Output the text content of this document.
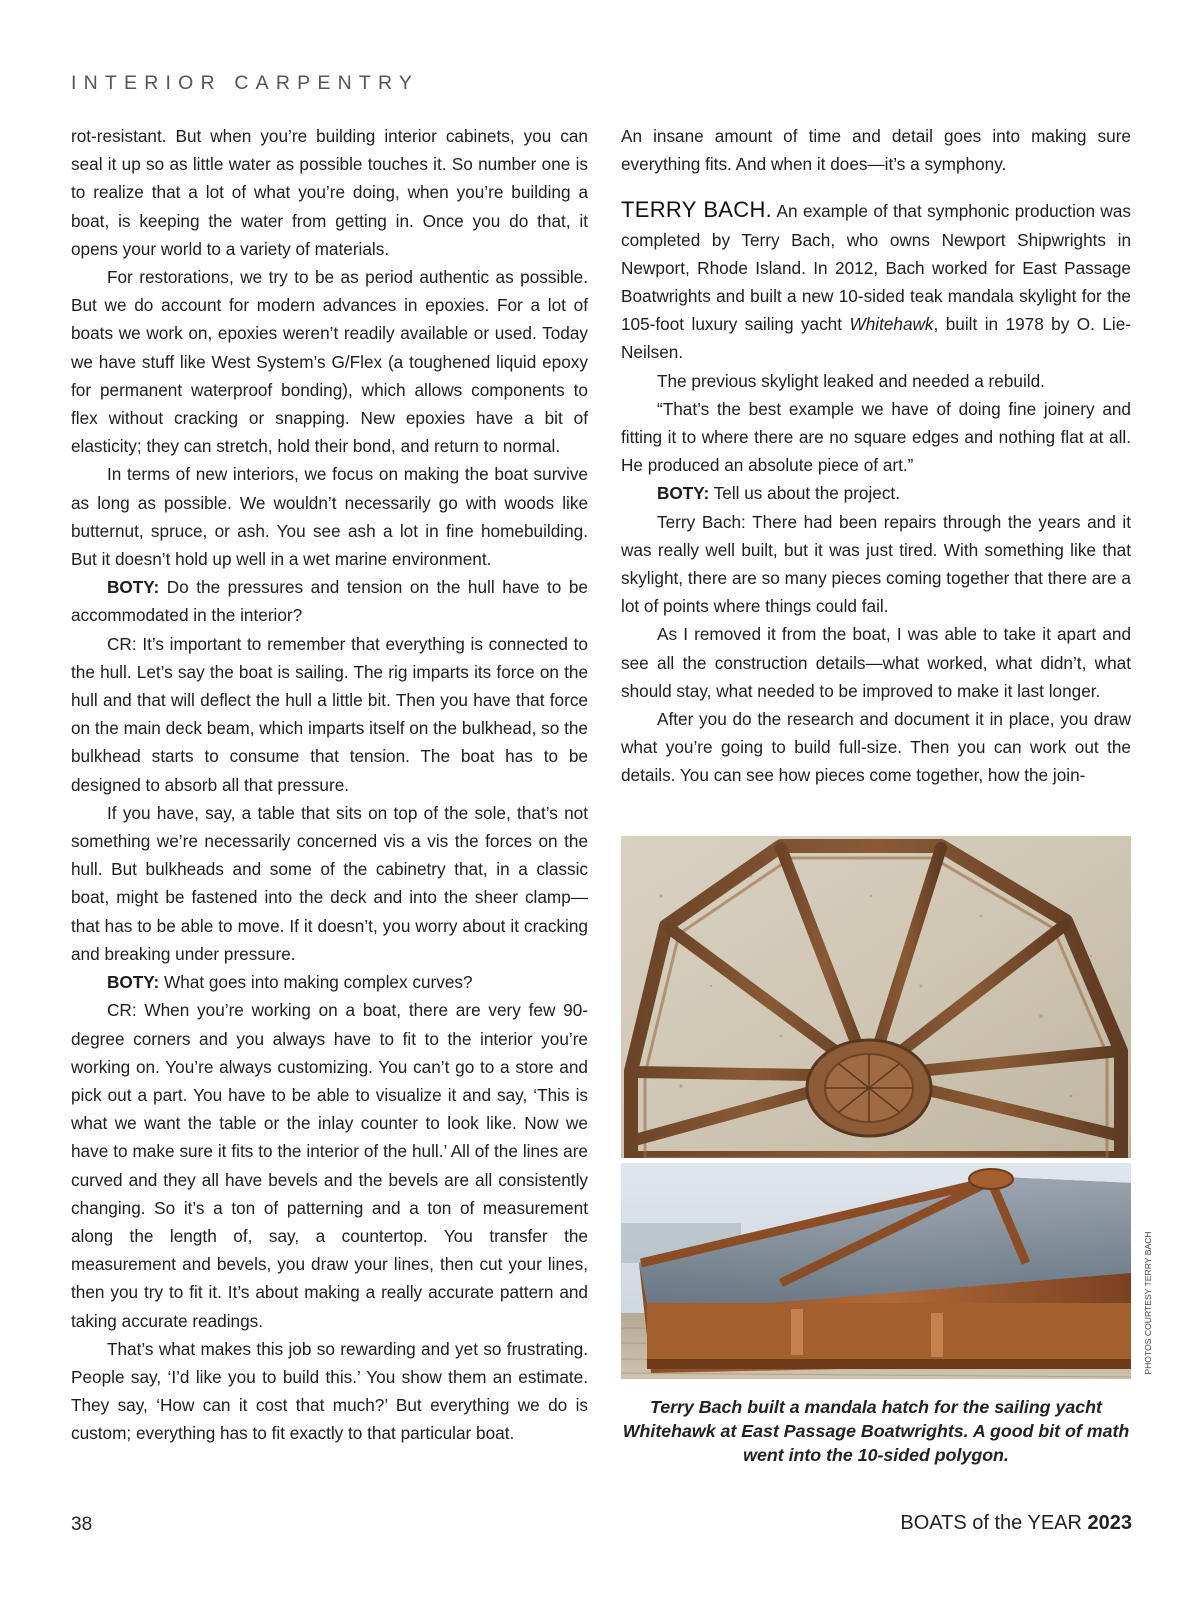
INTERIOR CARPENTRY

rot-resistant. But when you’re building interior cabinets, you can seal it up so as little water as possible touches it. So number one is to realize that a lot of what you’re doing, when you’re building a boat, is keeping the water from getting in. Once you do that, it opens your world to a variety of materials.

For restorations, we try to be as period authentic as possible. But we do account for modern advances in epoxies. For a lot of boats we work on, epoxies weren’t readily available or used. Today we have stuff like West System’s G/Flex (a toughened liquid epoxy for permanent waterproof bonding), which allows components to flex without cracking or snapping. New epoxies have a bit of elasticity; they can stretch, hold their bond, and return to normal.

In terms of new interiors, we focus on making the boat survive as long as possible. We wouldn’t necessarily go with woods like butternut, spruce, or ash. You see ash a lot in fine homebuilding. But it doesn’t hold up well in a wet marine environment.

BOTY: Do the pressures and tension on the hull have to be accommodated in the interior?

CR: It’s important to remember that everything is connected to the hull. Let’s say the boat is sailing. The rig imparts its force on the hull and that will deflect the hull a little bit. Then you have that force on the main deck beam, which imparts itself on the bulkhead, so the bulkhead starts to consume that tension. The boat has to be designed to absorb all that pressure.

If you have, say, a table that sits on top of the sole, that’s not something we’re necessarily concerned vis a vis the forces on the hull. But bulkheads and some of the cabinetry that, in a classic boat, might be fastened into the deck and into the sheer clamp—that has to be able to move. If it doesn’t, you worry about it cracking and breaking under pressure.

BOTY: What goes into making complex curves?

CR: When you’re working on a boat, there are very few 90-degree corners and you always have to fit to the interior you’re working on. You’re always customizing. You can’t go to a store and pick out a part. You have to be able to visualize it and say, ‘This is what we want the table or the inlay counter to look like. Now we have to make sure it fits to the interior of the hull.’ All of the lines are curved and they all have bevels and the bevels are all consistently changing. So it’s a ton of patterning and a ton of measurement along the length of, say, a countertop. You transfer the measurement and bevels, you draw your lines, then cut your lines, then you try to fit it. It’s about making a really accurate pattern and taking accurate readings.

That’s what makes this job so rewarding and yet so frustrating. People say, ‘I’d like you to build this.’ You show them an estimate. They say, ‘How can it cost that much?’ But everything we do is custom; everything has to fit exactly to that particular boat.

An insane amount of time and detail goes into making sure everything fits. And when it does—it’s a symphony.

TERRY BACH. An example of that symphonic production was completed by Terry Bach, who owns Newport Shipwrights in Newport, Rhode Island. In 2012, Bach worked for East Passage Boatwrights and built a new 10-sided teak mandala skylight for the 105-foot luxury sailing yacht Whitehawk, built in 1978 by O. Lie-Neilsen.

The previous skylight leaked and needed a rebuild.

“That’s the best example we have of doing fine joinery and fitting it to where there are no square edges and nothing flat at all. He produced an absolute piece of art.”

BOTY: Tell us about the project.

Terry Bach: There had been repairs through the years and it was really well built, but it was just tired. With something like that skylight, there are so many pieces coming together that there are a lot of points where things could fail.

As I removed it from the boat, I was able to take it apart and see all the construction details—what worked, what didn’t, what should stay, what needed to be improved to make it last longer.

After you do the research and document it in place, you draw what you’re going to build full-size. Then you can work out the details. You can see how pieces come together, how the join-

PHOTOS COURTESY TERRY BACH
Terry Bach built a mandala hatch for the sailing yacht Whitehawk at East Passage Boatwrights. A good bit of math went into the 10-sided polygon.
38	BOATS of the YEAR 2023
